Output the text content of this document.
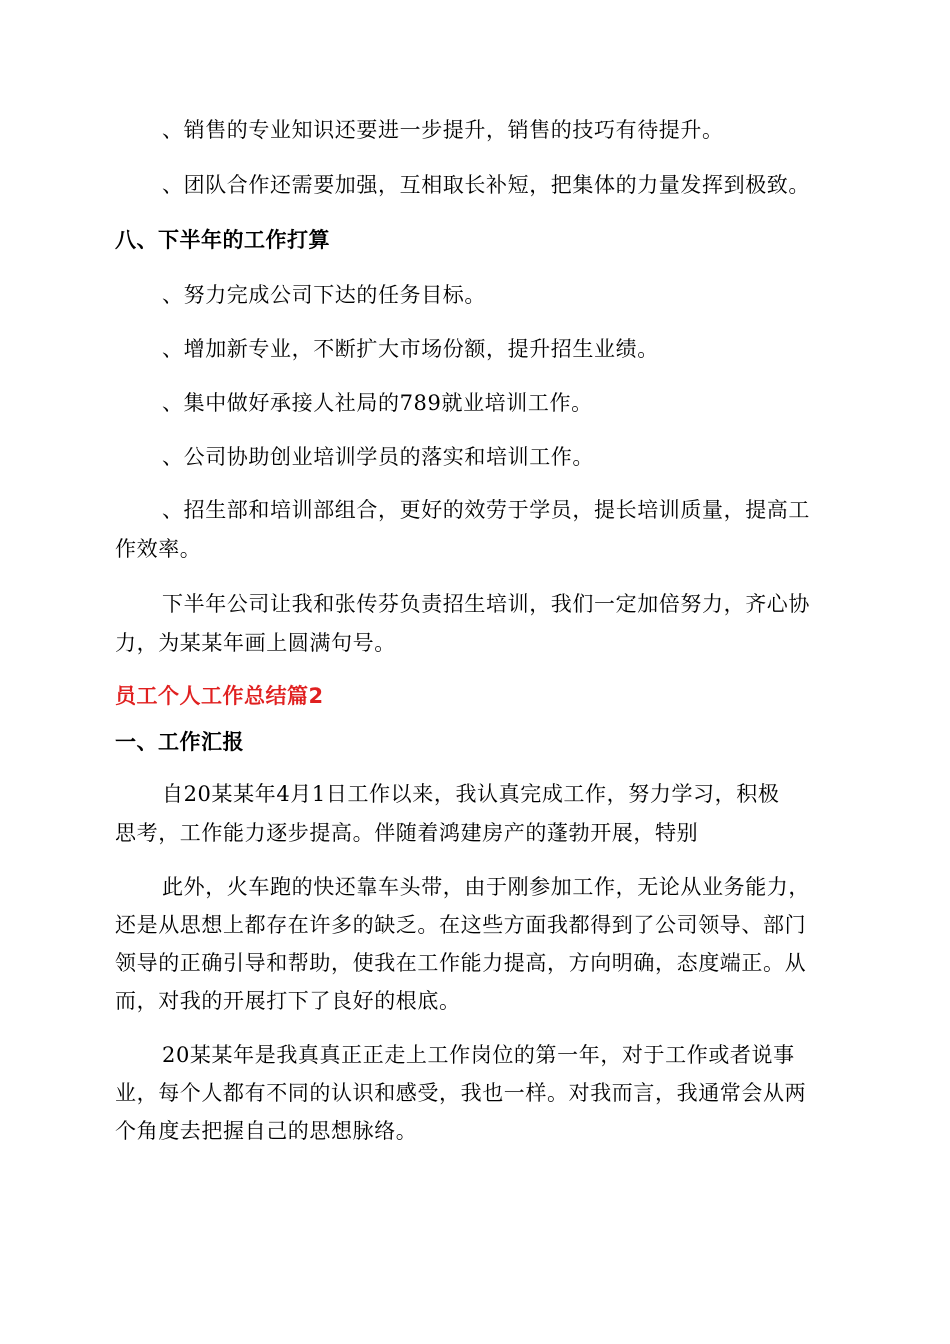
、销售的专业知识还要进一步提升，销售的技巧有待提升。
、团队合作还需要加强，互相取长补短，把集体的力量发挥到极致。
八、下半年的工作打算
、努力完成公司下达的任务目标。
、增加新专业，不断扩大市场份额，提升招生业绩。
、集中做好承接人社局的789就业培训工作。
、公司协助创业培训学员的落实和培训工作。
、招生部和培训部组合，更好的效劳于学员，提长培训质量，提高工
作效率。
下半年公司让我和张传芬负责招生培训，我们一定加倍努力，齐心协
力，为某某年画上圆满句号。
员工个人工作总结篇2
一、工作汇报
自20某某年4月1日工作以来，我认真完成工作，努力学习，积极
思考，工作能力逐步提高。伴随着鸿建房产的蓬勃开展，特别
此外，火车跑的快还靠车头带，由于刚参加工作，无论从业务能力，
还是从思想上都存在许多的缺乏。在这些方面我都得到了公司领导、部门
领导的正确引导和帮助，使我在工作能力提高，方向明确，态度端正。从
而，对我的开展打下了良好的根底。
20某某年是我真真正正走上工作岗位的第一年，对于工作或者说事
业，每个人都有不同的认识和感受，我也一样。对我而言，我通常会从两
个角度去把握自己的思想脉络。
